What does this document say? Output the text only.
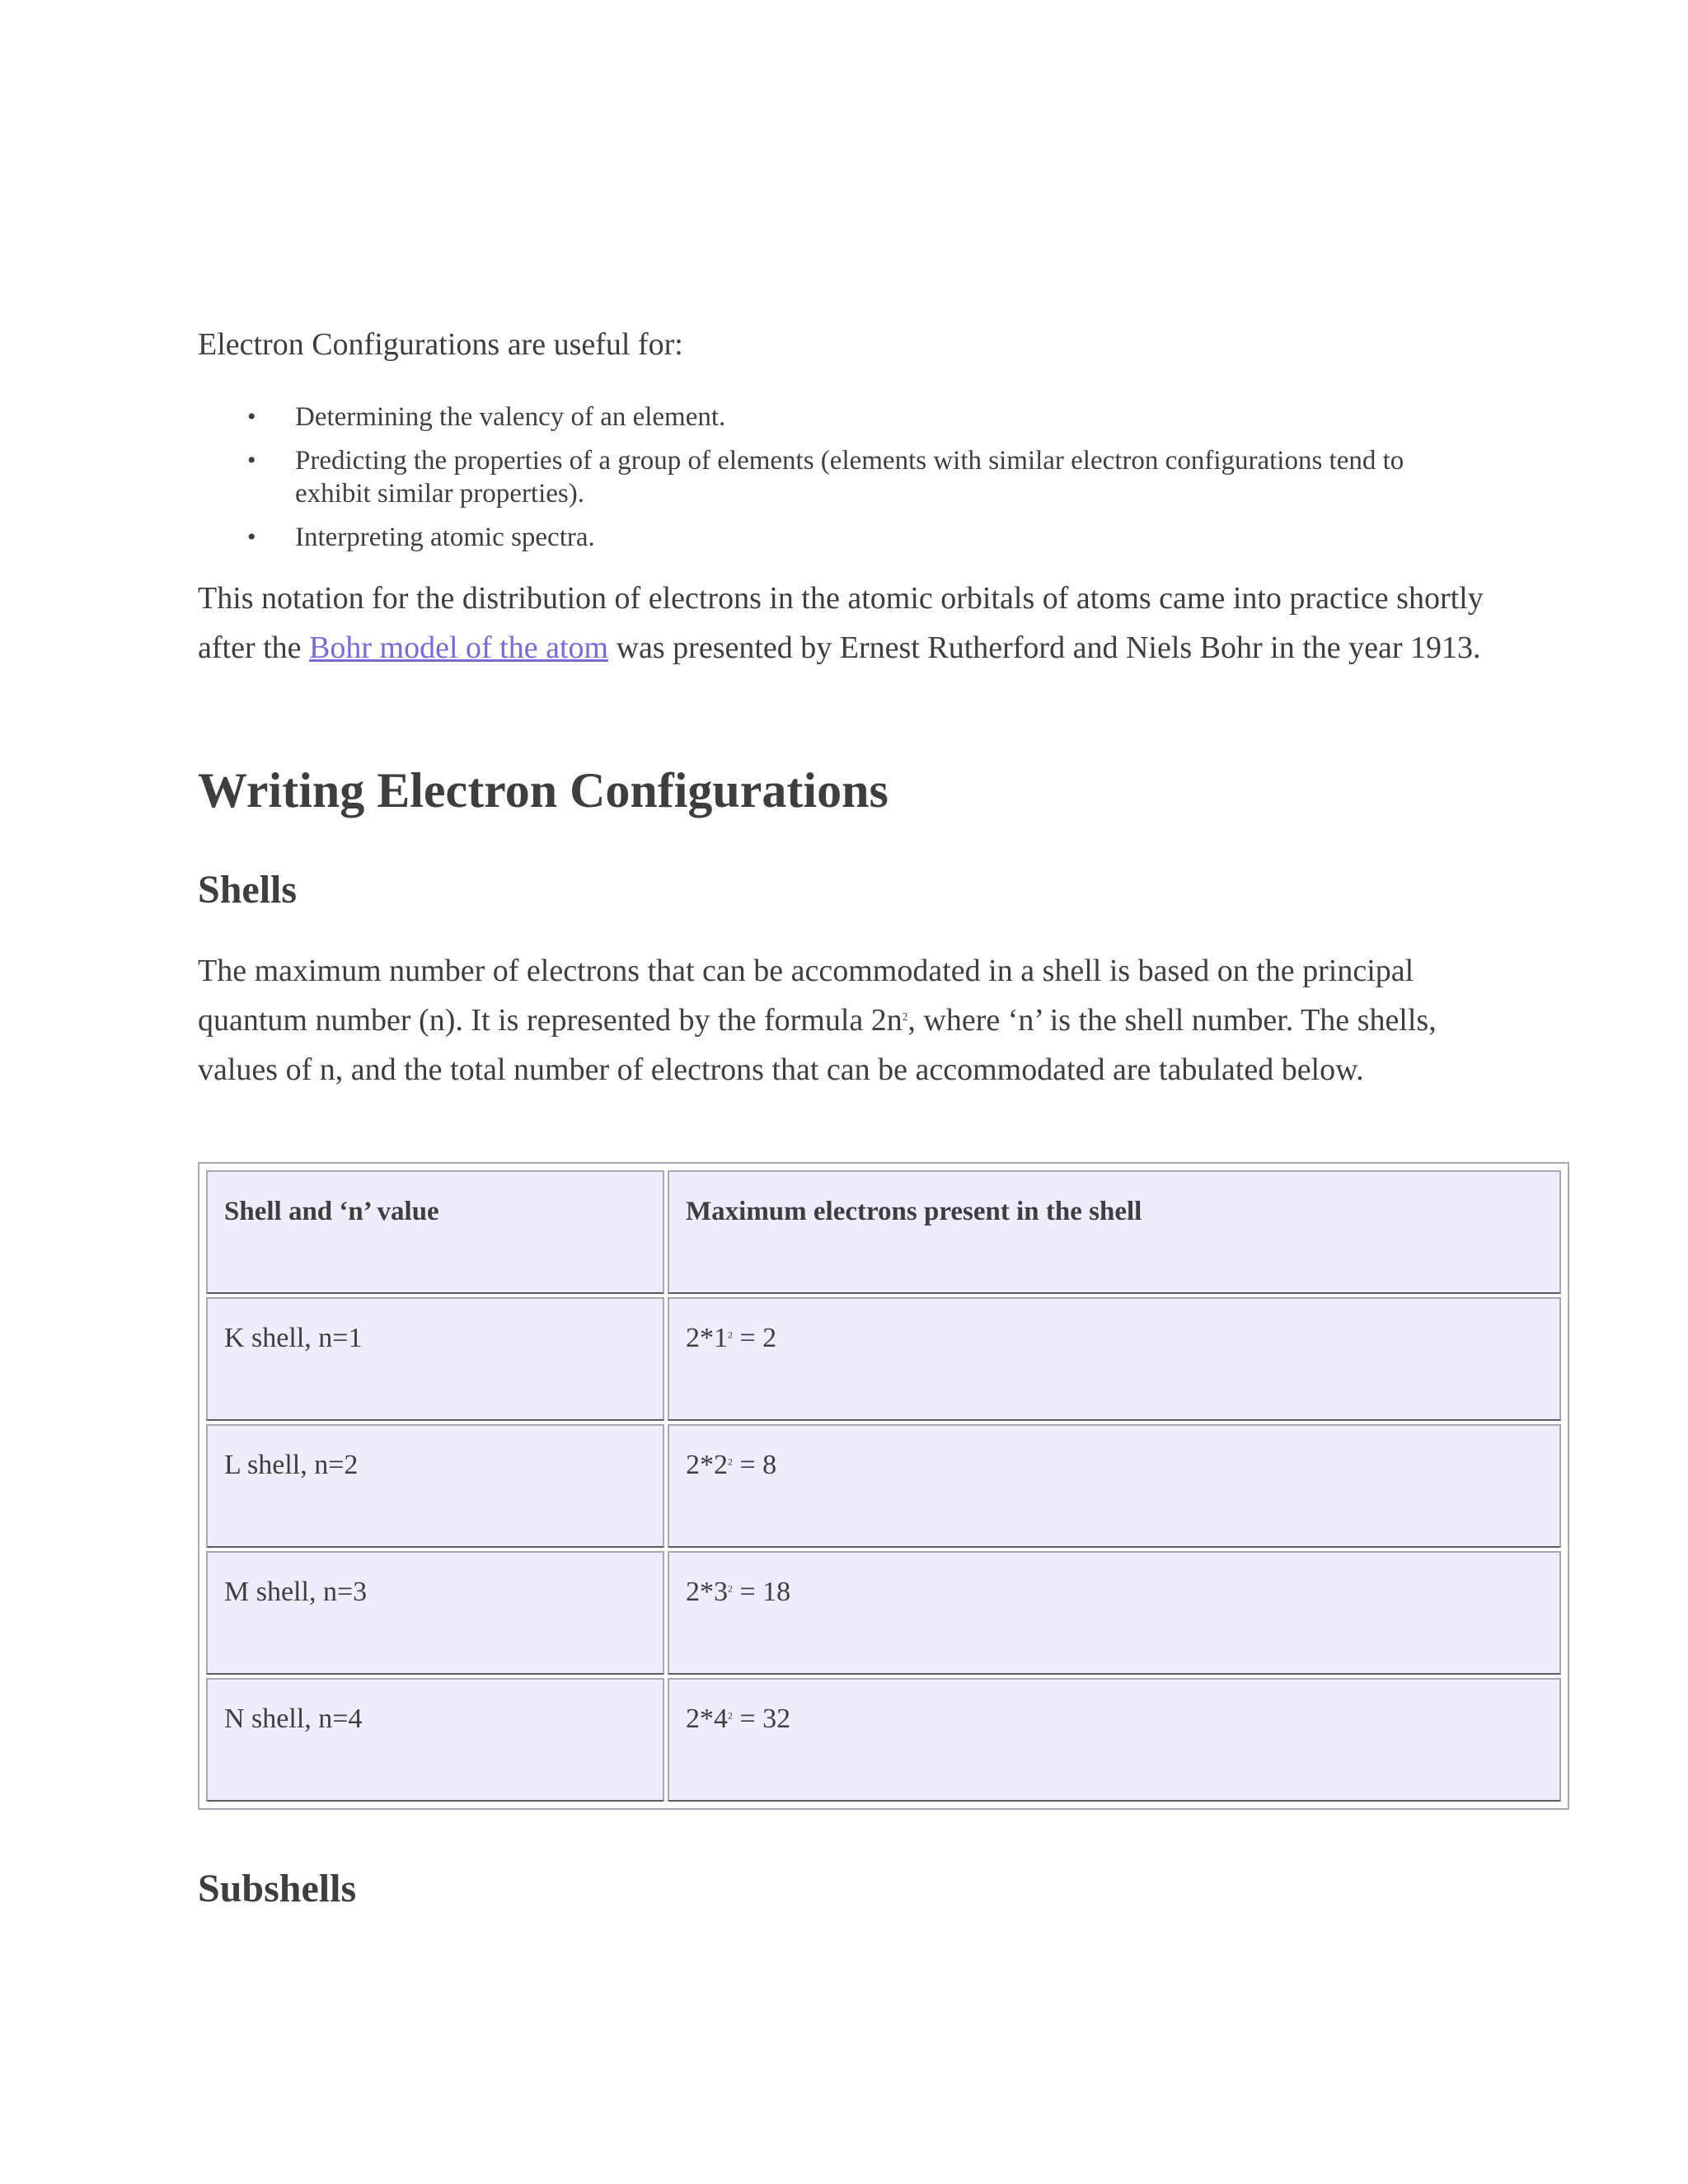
Electron Configurations are useful for:

• Determining the valency of an element.
• Predicting the properties of a group of elements (elements with similar electron configurations tend to exhibit similar properties).
• Interpreting atomic spectra.

This notation for the distribution of electrons in the atomic orbitals of atoms came into practice shortly after the Bohr model of the atom was presented by Ernest Rutherford and Niels Bohr in the year 1913.

Writing Electron Configurations
Shells

The maximum number of electrons that can be accommodated in a shell is based on the principal quantum number (n). It is represented by the formula $2n^2$, where ‘n’ is the shell number. The shells, values of n, and the total number of electrons that can be accommodated are tabulated below.

Shell and ‘n’ value	Maximum electrons present in the shell
K shell, n=1	$2*1^2 = 2$
L shell, n=2	$2*2^2 = 8$
M shell, n=3	$2*3^2 = 18$
N shell, n=4	$2*4^2 = 32$
Subshells
